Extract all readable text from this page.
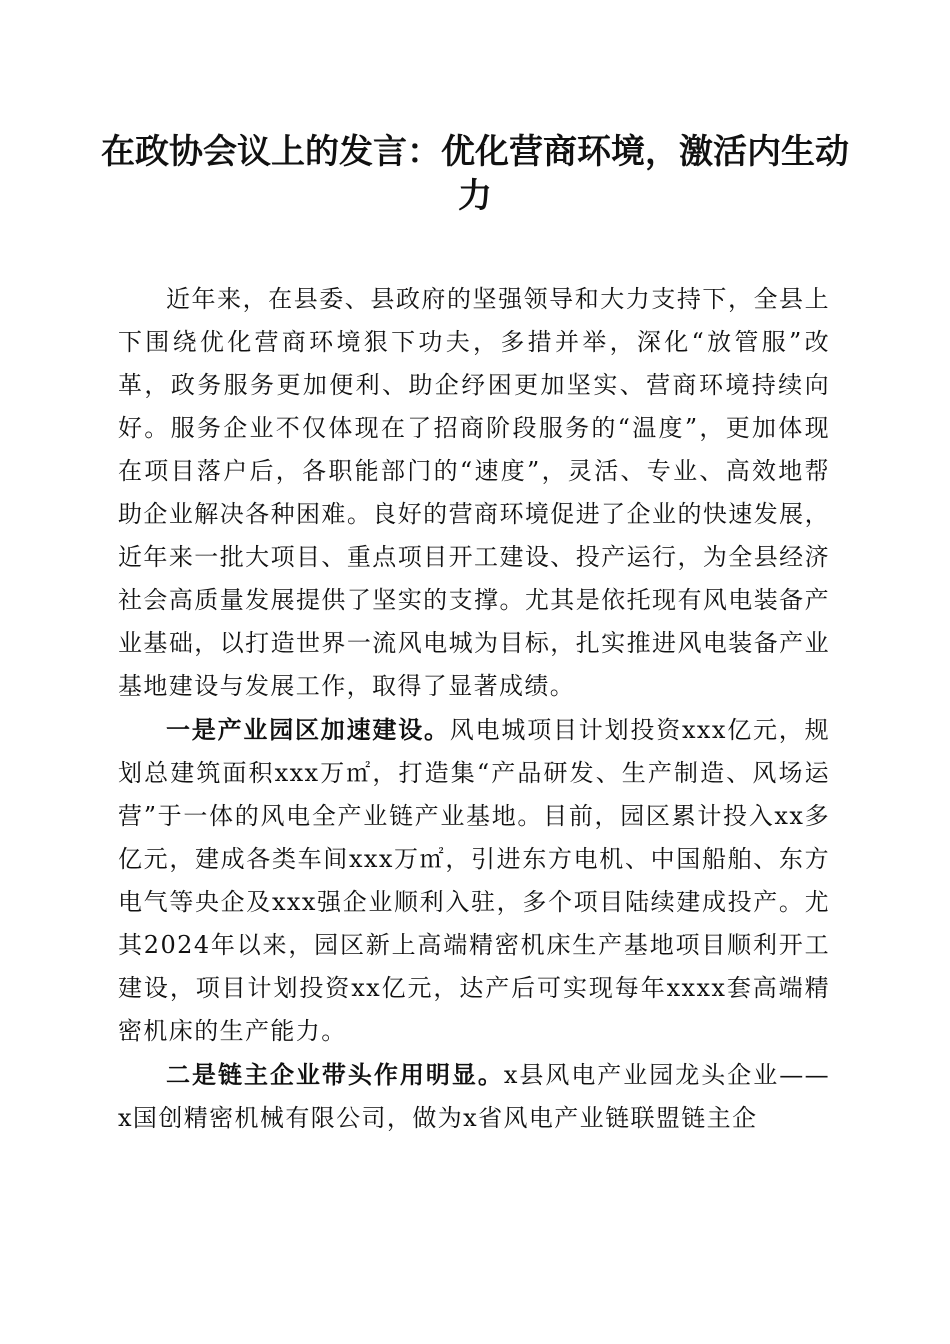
在政协会议上的发言：优化营商环境，激活内生动力

近年来，在县委、县政府的坚强领导和大力支持下，全县上下围绕优化营商环境狠下功夫，多措并举，深化“放管服”改革，政务服务更加便利、助企纾困更加坚实、营商环境持续向好。服务企业不仅体现在了招商阶段服务的“温度”，更加体现在项目落户后，各职能部门的“速度”，灵活、专业、高效地帮助企业解决各种困难。良好的营商环境促进了企业的快速发展，近年来一批大项目、重点项目开工建设、投产运行，为全县经济社会高质量发展提供了坚实的支撑。尤其是依托现有风电装备产业基础，以打造世界一流风电城为目标，扎实推进风电装备产业基地建设与发展工作，取得了显著成绩。

一是产业园区加速建设。风电城项目计划投资xxx亿元，规划总建筑面积xxx万㎡，打造集“产品研发、生产制造、风场运营”于一体的风电全产业链产业基地。目前，园区累计投入xx多亿元，建成各类车间xxx万㎡，引进东方电机、中国船舶、东方电气等央企及xxx强企业顺利入驻，多个项目陆续建成投产。尤其2024年以来，园区新上高端精密机床生产基地项目顺利开工建设，项目计划投资xx亿元，达产后可实现每年xxxx套高端精密机床的生产能力。

二是链主企业带头作用明显。x县风电产业园龙头企业——x国创精密机械有限公司，做为x省风电产业链联盟链主企
